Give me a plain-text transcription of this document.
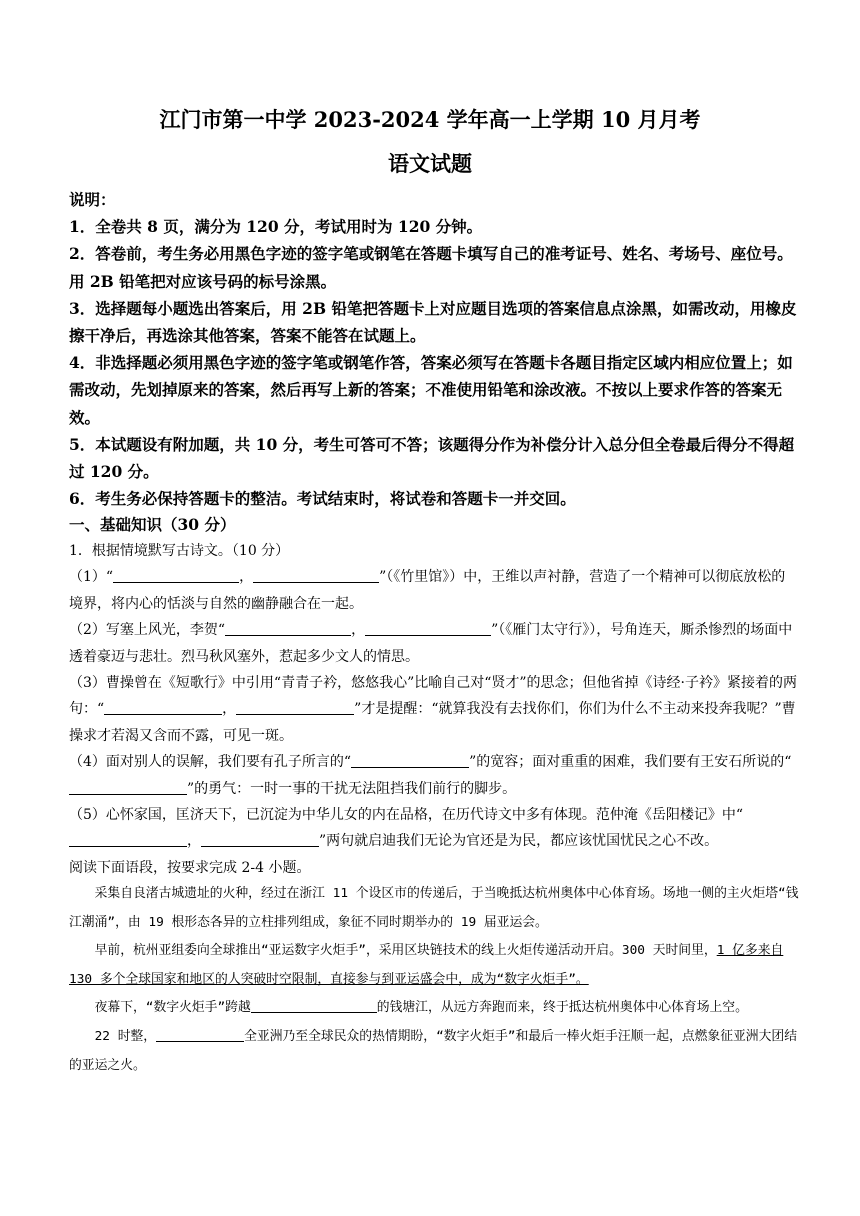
江门市第一中学 2023-2024 学年高一上学期 10 月月考
语文试题

说明：

1．全卷共 8 页，满分为 120 分，考试用时为 120 分钟。

2．答卷前，考生务必用黑色字迹的签字笔或钢笔在答题卡填写自己的准考证号、姓名、考场号、座位号。用 2B 铅笔把对应该号码的标号涂黑。

3．选择题每小题选出答案后，用 2B 铅笔把答题卡上对应题目选项的答案信息点涂黑，如需改动，用橡皮擦干净后，再选涂其他答案，答案不能答在试题上。

4．非选择题必须用黑色字迹的签字笔或钢笔作答，答案必须写在答题卡各题目指定区域内相应位置上；如需改动，先划掉原来的答案，然后再写上新的答案；不准使用铅笔和涂改液。不按以上要求作答的答案无效。

5．本试题设有附加题，共 10 分，考生可答可不答；该题得分作为补偿分计入总分但全卷最后得分不得超过 120 分。

6．考生务必保持答题卡的整洁。考试结束时，将试卷和答题卡一并交回。

一、基础知识（30 分）

1．根据情境默写古诗文。（10 分）

（1）“	，	”（《竹里馆》）中，王维以声衬静，营造了一个精神可以彻底放松的境界，将内心的恬淡与自然的幽静融合在一起。

（2）写塞上风光，李贺“	，	”（《雁门太守行》），号角连天，厮杀惨烈的场面中透着豪迈与悲壮。烈马秋风塞外，惹起多少文人的情思。

（3）曹操曾在《短歌行》中引用“青青子衿，悠悠我心”比喻自己对“贤才”的思念；但他省掉《诗经·子衿》紧接着的两句：“	，	”才是提醒：“就算我没有去找你们，你们为什么不主动来投奔我呢？”曹操求才若渴又含而不露，可见一斑。

（4）面对别人的误解，我们要有孔子所言的“	”的宽容；面对重重的困难，我们要有王安石所说的“”的勇气：一时一事的干扰无法阻挡我们前行的脚步。

（5）心怀家国，匡济天下，已沉淀为中华儿女的内在品格，在历代诗文中多有体现。范仲淹《岳阳楼记》中“，	”两句就启迪我们无论为官还是为民，都应该忧国忧民之心不改。

阅读下面语段，按要求完成 2-4 小题。

采集自良渚古城遗址的火种，经过在浙江 11 个设区市的传递后，于当晚抵达杭州奥体中心体育场。场地一侧的主火炬塔“钱江潮涌”，由 19 根形态各异的立柱排列组成，象征不同时期举办的 19 届亚运会。

早前，杭州亚组委向全球推出“亚运数字火炬手”，采用区块链技术的线上火炬传递活动开启。300 天时间里，1 亿多来自 130 多个全球国家和地区的人突破时空限制，直接参与到亚运盛会中，成为“数字火炬手”。

夜幕下，“数字火炬手”跨越	的钱塘江，从远方奔跑而来，终于抵达杭州奥体中心体育场上空。

22 时整，	全亚洲乃至全球民众的热情期盼，“数字火炬手”和最后一棒火炬手汪顺一起，点燃象征亚洲大团结的亚运之火。
